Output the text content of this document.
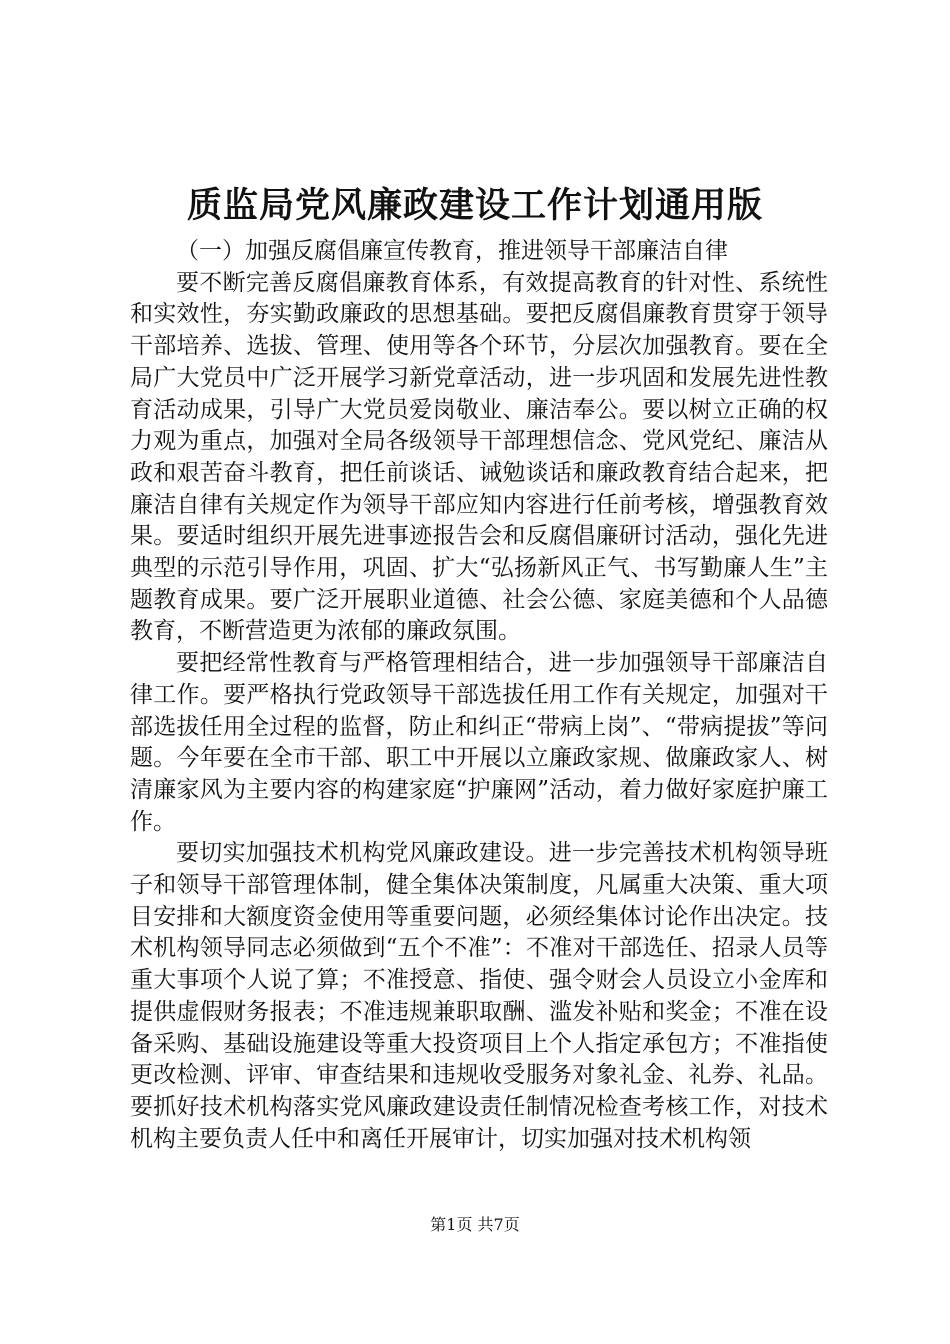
质监局党风廉政建设工作计划通用版

（一）加强反腐倡廉宣传教育，推进领导干部廉洁自律

要不断完善反腐倡廉教育体系，有效提高教育的针对性、系统性和实效性，夯实勤政廉政的思想基础。要把反腐倡廉教育贯穿于领导干部培养、选拔、管理、使用等各个环节，分层次加强教育。要在全局广大党员中广泛开展学习新党章活动，进一步巩固和发展先进性教育活动成果，引导广大党员爱岗敬业、廉洁奉公。要以树立正确的权力观为重点，加强对全局各级领导干部理想信念、党风党纪、廉洁从政和艰苦奋斗教育，把任前谈话、诫勉谈话和廉政教育结合起来，把廉洁自律有关规定作为领导干部应知内容进行任前考核，增强教育效果。要适时组织开展先进事迹报告会和反腐倡廉研讨活动，强化先进典型的示范引导作用，巩固、扩大“弘扬新风正气、书写勤廉人生”主题教育成果。要广泛开展职业道德、社会公德、家庭美德和个人品德教育，不断营造更为浓郁的廉政氛围。

要把经常性教育与严格管理相结合，进一步加强领导干部廉洁自律工作。要严格执行党政领导干部选拔任用工作有关规定，加强对干部选拔任用全过程的监督，防止和纠正“带病上岗”、“带病提拔”等问题。今年要在全市干部、职工中开展以立廉政家规、做廉政家人、树清廉家风为主要内容的构建家庭“护廉网”活动，着力做好家庭护廉工作。

要切实加强技术机构党风廉政建设。进一步完善技术机构领导班子和领导干部管理体制，健全集体决策制度，凡属重大决策、重大项目安排和大额度资金使用等重要问题，必须经集体讨论作出决定。技术机构领导同志必须做到“五个不准”：不准对干部选任、招录人员等重大事项个人说了算；不准授意、指使、强令财会人员设立小金库和提供虚假财务报表；不准违规兼职取酬、滥发补贴和奖金；不准在设备采购、基础设施建设等重大投资项目上个人指定承包方；不准指使更改检测、评审、审查结果和违规收受服务对象礼金、礼券、礼品。要抓好技术机构落实党风廉政建设责任制情况检查考核工作，对技术机构主要负责人任中和离任开展审计，切实加强对技术机构领

第1页 共7页
